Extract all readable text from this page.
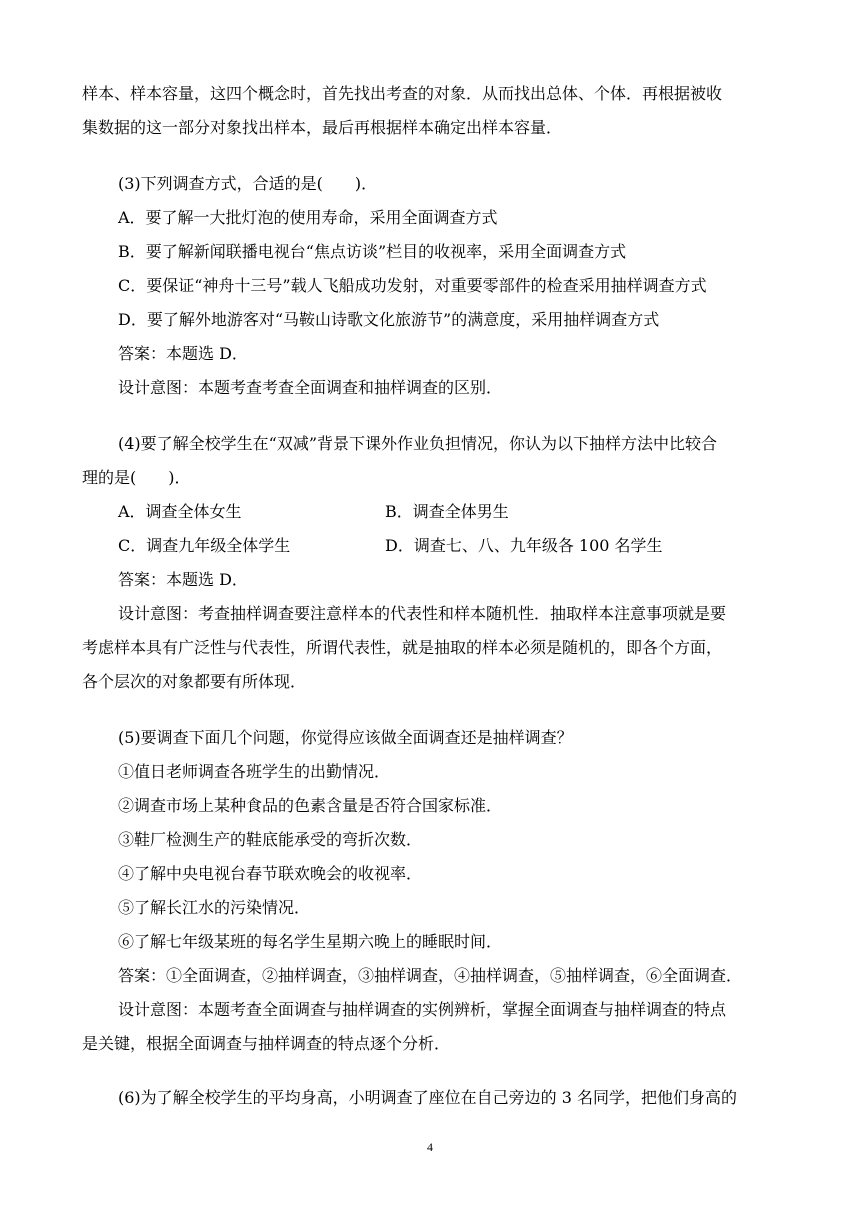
样本、样本容量，这四个概念时，首先找出考查的对象．从而找出总体、个体．再根据被收
集数据的这一部分对象找出样本，最后再根据样本确定出样本容量．
(3)下列调查方式，合适的是(　　)．
A．要了解一大批灯泡的使用寿命，采用全面调查方式
B．要了解新闻联播电视台“焦点访谈”栏目的收视率，采用全面调查方式
C．要保证“神舟十三号”载人飞船成功发射，对重要零部件的检查采用抽样调查方式
D．要了解外地游客对“马鞍山诗歌文化旅游节”的满意度，采用抽样调查方式
答案：本题选 D．
设计意图：本题考查考查全面调查和抽样调查的区别．
(4)要了解全校学生在“双减”背景下课外作业负担情况，你认为以下抽样方法中比较合
理的是(　　)．
A．调查全体女生	B．调查全体男生
C．调查九年级全体学生	D．调查七、八、九年级各 100 名学生
答案：本题选 D．
设计意图：考查抽样调查要注意样本的代表性和样本随机性．抽取样本注意事项就是要
考虑样本具有广泛性与代表性，所谓代表性，就是抽取的样本必须是随机的，即各个方面，
各个层次的对象都要有所体现．
(5)要调查下面几个问题，你觉得应该做全面调查还是抽样调查？
①值日老师调查各班学生的出勤情况．
②调查市场上某种食品的色素含量是否符合国家标准．
③鞋厂检测生产的鞋底能承受的弯折次数．
④了解中央电视台春节联欢晚会的收视率．
⑤了解长江水的污染情况．
⑥了解七年级某班的每名学生星期六晚上的睡眠时间．
答案：①全面调查，②抽样调查，③抽样调查，④抽样调查，⑤抽样调查，⑥全面调查．
设计意图：本题考查全面调查与抽样调查的实例辨析，掌握全面调查与抽样调查的特点
是关键，根据全面调查与抽样调查的特点逐个分析．
(6)为了解全校学生的平均身高，小明调查了座位在自己旁边的 3 名同学，把他们身高的
4
